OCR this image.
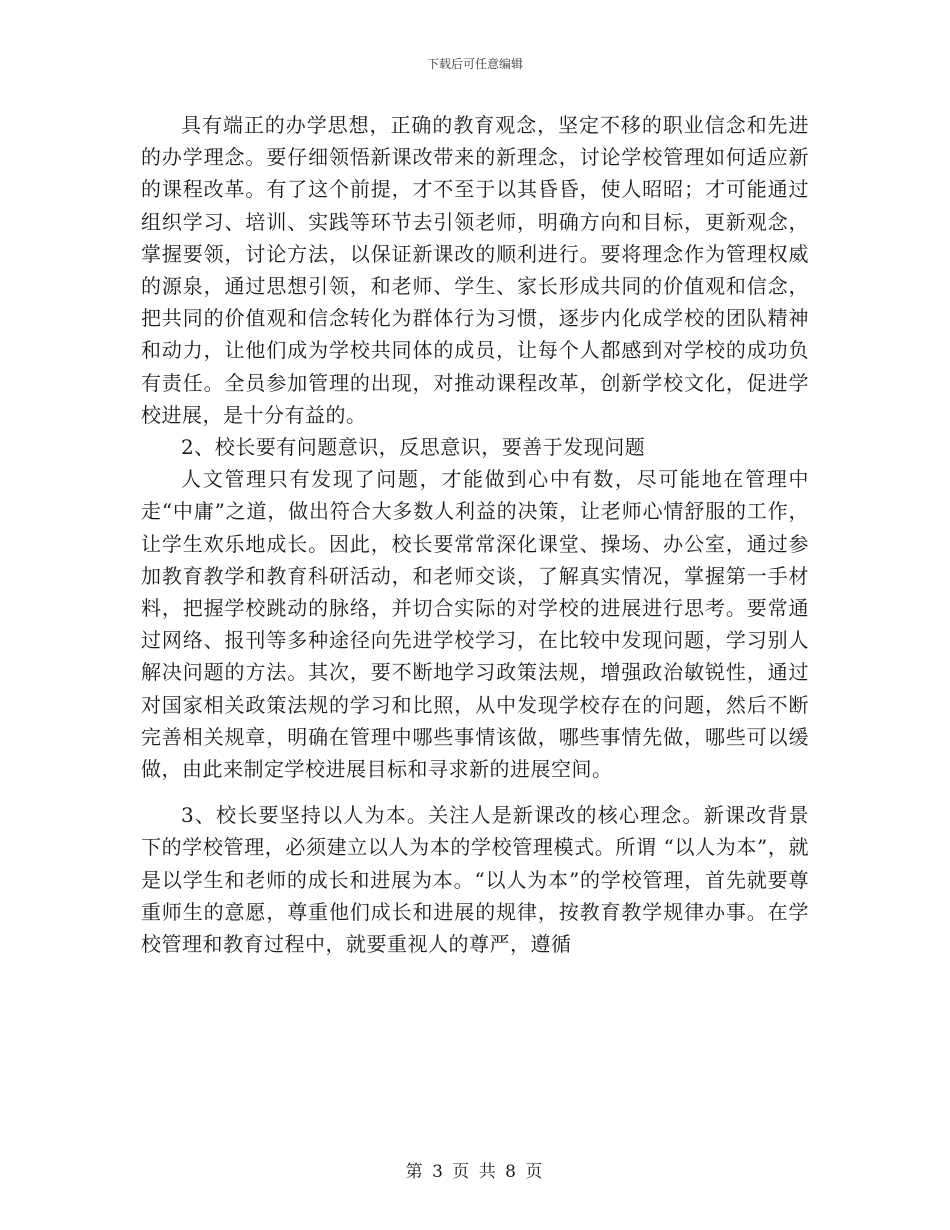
下载后可任意编辑

具有端正的办学思想，正确的教育观念，坚定不移的职业信念和先进的办学理念。要仔细领悟新课改带来的新理念，讨论学校管理如何适应新的课程改革。有了这个前提，才不至于以其昏昏，使人昭昭；才可能通过组织学习、培训、实践等环节去引领老师，明确方向和目标，更新观念，掌握要领，讨论方法，以保证新课改的顺利进行。要将理念作为管理权威的源泉，通过思想引领，和老师、学生、家长形成共同的价值观和信念，把共同的价值观和信念转化为群体行为习惯，逐步内化成学校的团队精神和动力，让他们成为学校共同体的成员，让每个人都感到对学校的成功负有责任。全员参加管理的出现，对推动课程改革，创新学校文化，促进学校进展，是十分有益的。

2、校长要有问题意识，反思意识，要善于发现问题

人文管理只有发现了问题，才能做到心中有数，尽可能地在管理中走“中庸”之道，做出符合大多数人利益的决策，让老师心情舒服的工作，让学生欢乐地成长。因此，校长要常常深化课堂、操场、办公室，通过参加教育教学和教育科研活动，和老师交谈，了解真实情况，掌握第一手材料，把握学校跳动的脉络，并切合实际的对学校的进展进行思考。要常通过网络、报刊等多种途径向先进学校学习，在比较中发现问题，学习别人解决问题的方法。其次，要不断地学习政策法规，增强政治敏锐性，通过对国家相关政策法规的学习和比照，从中发现学校存在的问题，然后不断完善相关规章，明确在管理中哪些事情该做，哪些事情先做，哪些可以缓做，由此来制定学校进展目标和寻求新的进展空间。

3、校长要坚持以人为本。关注人是新课改的核心理念。新课改背景下的学校管理，必须建立以人为本的学校管理模式。所谓 “以人为本”，就是以学生和老师的成长和进展为本。“以人为本”的学校管理，首先就要尊重师生的意愿，尊重他们成长和进展的规律，按教育教学规律办事。在学校管理和教育过程中，就要重视人的尊严，遵循

第 3 页 共 8 页
